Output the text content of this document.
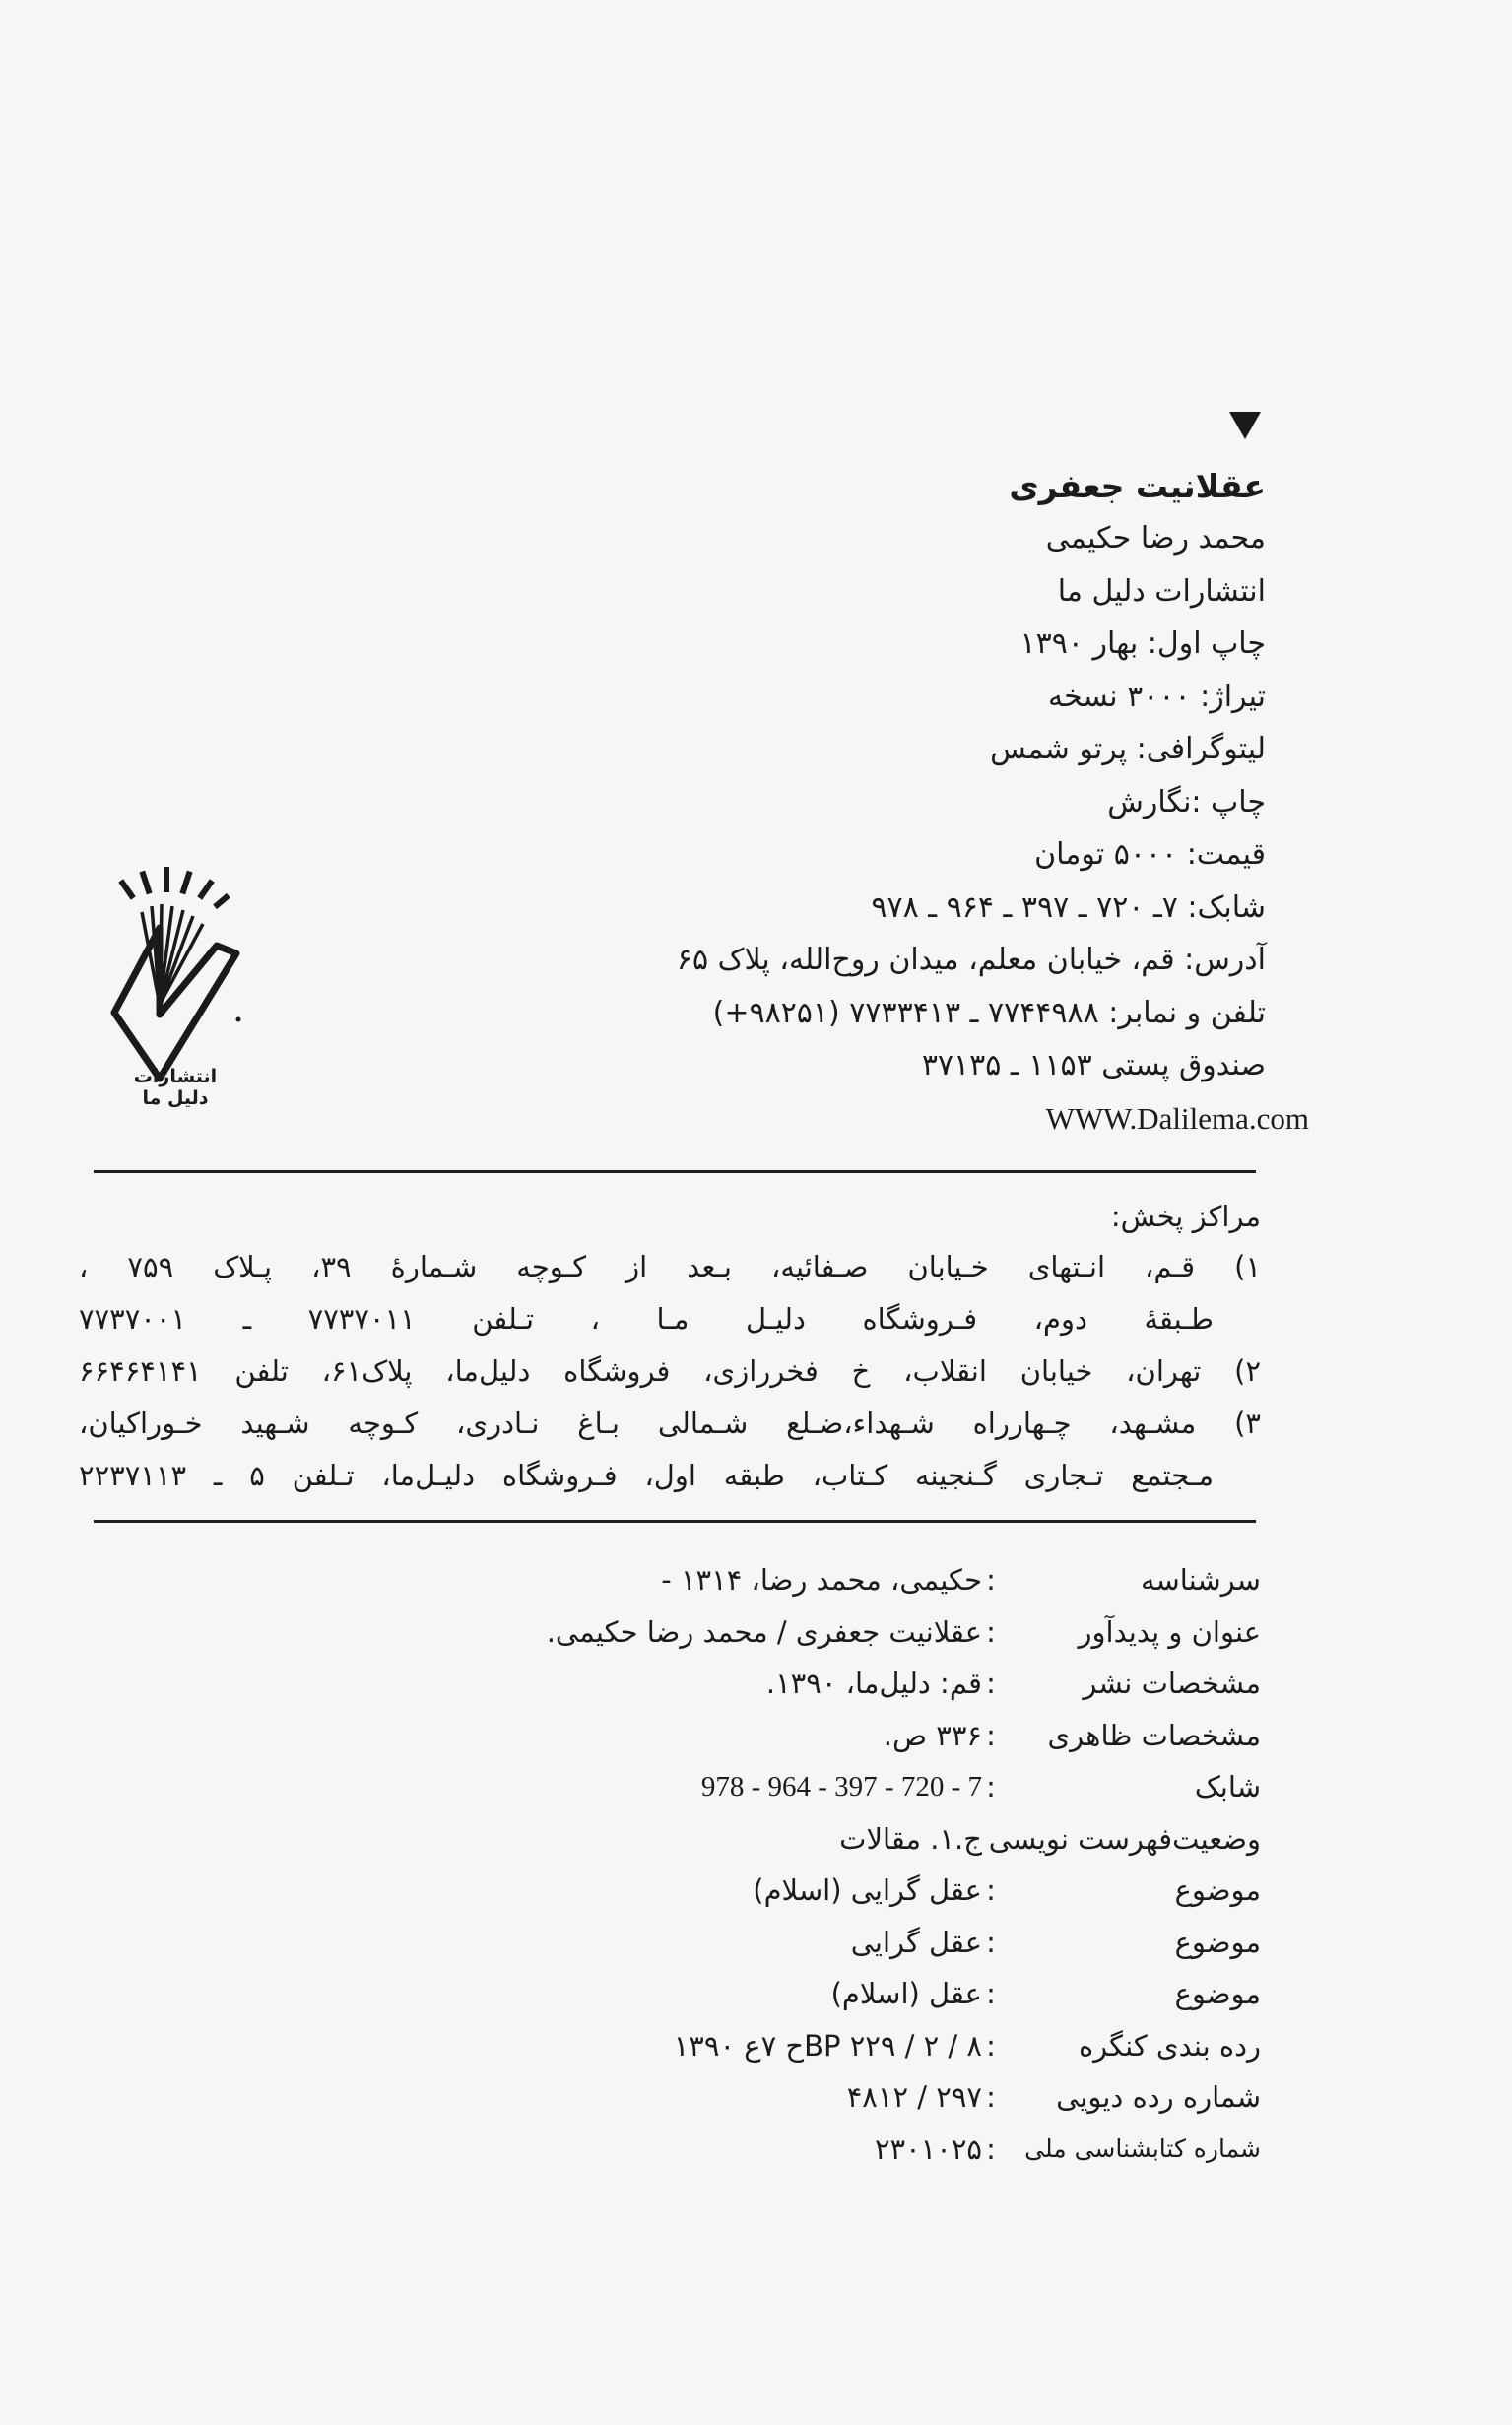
عقلانیت جعفری
محمد رضا حکیمی
انتشارات دلیل ما
چاپ اول: بهار ۱۳۹۰
تیراژ: ۳۰۰۰ نسخه
لیتوگرافی: پرتو شمس
چاپ :نگارش
قیمت: ۵۰۰۰ تومان
شابک: ۷ـ ۷۲۰ ـ ۳۹۷ ـ ۹۶۴ ـ ۹۷۸
آدرس: قم، خیابان معلم، میدان روح‌الله، پلاک ۶۵
تلفن و نمابر: ۷۷۴۴۹۸۸ ـ ۷۷۳۳۴۱۳ (۹۸۲۵۱+)
صندوق پستی ۱۱۵۳ ـ ۳۷۱۳۵
WWW.Dalilema.com
انتشارات دلیل ما
مراکز پخش:
۱) قـم، انـتهای خـیابان صـفائیه، بـعد از کـوچه شـمارهٔ ۳۹، پـلاک ۷۵۹ ،
طـبقهٔ دوم، فـروشگاه دلیـل مـا ، تـلفن ۷۷۳۷۰۱۱ ـ ۷۷۳۷۰۰۱
۲) تهران، خیابان انقلاب، خ فخررازی، فروشگاه دلیل‌ما، پلاک۶۱، تلفن ۶۶۴۶۴۱۴۱
۳) مشـهد، چـهارراه شـهداء،ضـلع شـمالی بـاغ نـادری، کـوچه شـهید خـوراکیان،
مـجتمع تـجاری گـنجینه کـتاب، طبقه اول، فـروشگاه دلیـل‌ما، تـلفن ۵ ـ ۲۲۳۷۱۱۳
سرشناسه
:
حکیمی، محمد رضا، ۱۳۱۴ -
عنوان و پدیدآور
:
عقلانیت جعفری / محمد رضا حکیمی.
مشخصات نشر
:
قم: دلیل‌ما، ۱۳۹۰.
مشخصات ظاهری
:
۳۳۶ ص.
شابک
:
978 - 964 - 397 - 720 - 7
وضعیت‌فهرست نویسی
ج.۱. مقالات
موضوع
:
عقل گرایی (اسلام)
موضوع
:
عقل گرایی
موضوع
:
عقل (اسلام)
رده بندی کنگره
:
BP ۲۲۹ / ۲ / ۸ح ۷ع ۱۳۹۰
شماره رده دیویی
:
۲۹۷ / ۴۸۱۲
شماره کتابشناسی ملی
:
۲۳۰۱۰۲۵
